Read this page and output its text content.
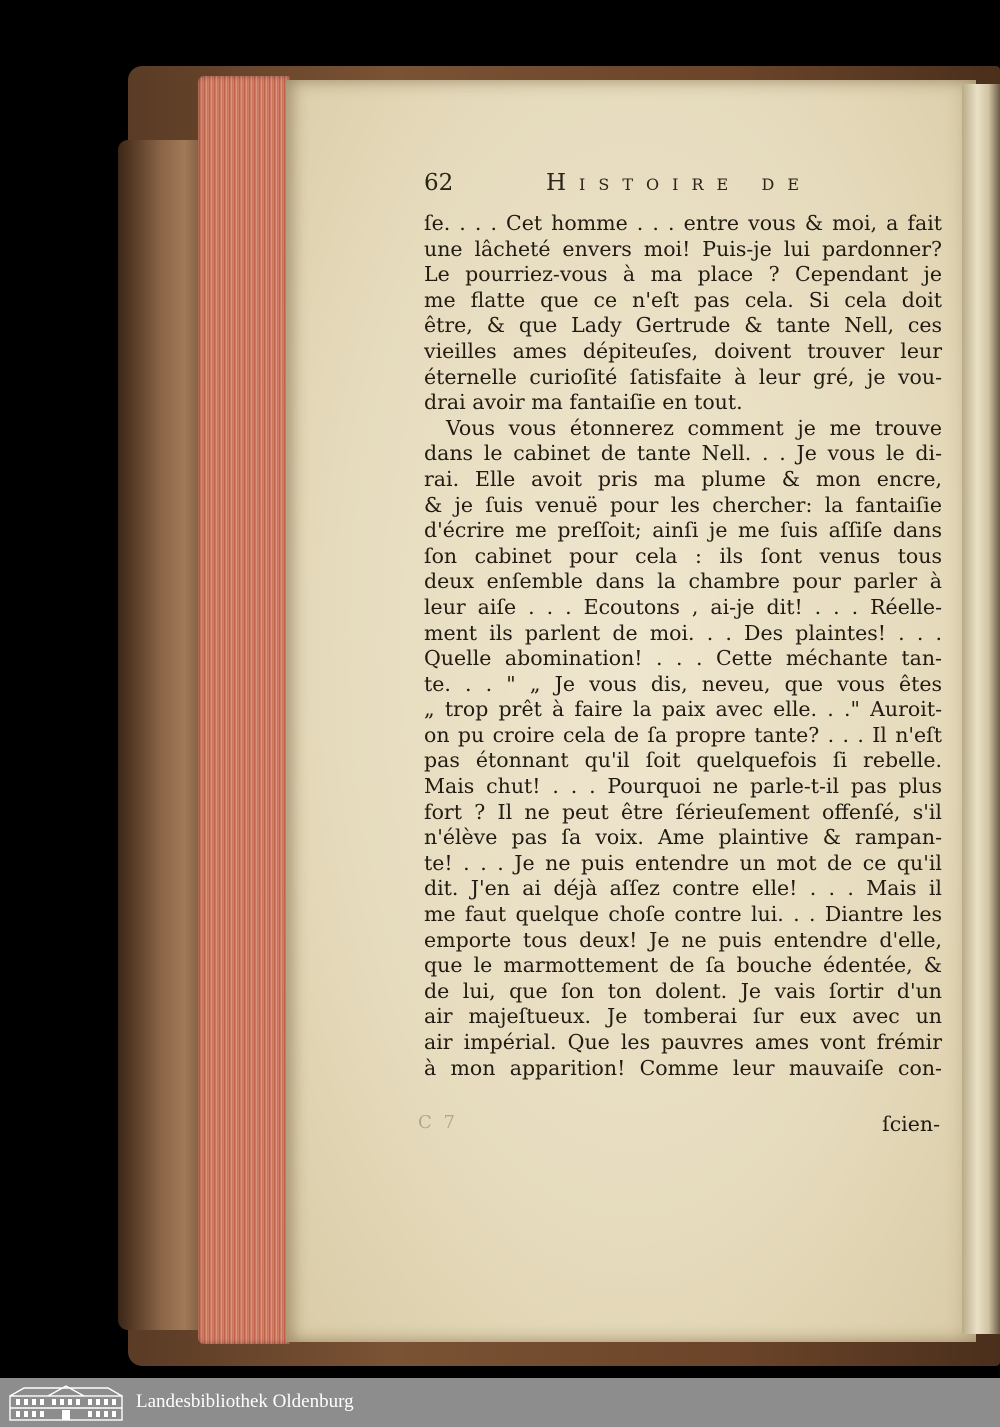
62	Histoire de
ſe. . . . Cet homme . . . entre vous & moi, a fait
une lâcheté envers moi! Puis-je lui pardonner?
Le pourriez-vous à ma place ? Cependant je
me flatte que ce n'eſt pas cela. Si cela doit
être, & que Lady Gertrude & tante Nell, ces
vieilles ames dépiteuſes, doivent trouver leur
éternelle curioſité ſatisfaite à leur gré, je vou-
drai avoir ma fantaiſie en tout.
Vous vous étonnerez comment je me trouve
dans le cabinet de tante Nell. . . Je vous le di-
rai. Elle avoit pris ma plume & mon encre,
& je ſuis venuë pour les chercher: la fantaiſie
d'écrire me preſſoit; ainſi je me ſuis aſſiſe dans
ſon cabinet pour cela : ils ſont venus tous
deux enſemble dans la chambre pour parler à
leur aiſe . . . Ecoutons , ai-je dit! . . . Réelle-
ment ils parlent de moi. . . Des plaintes! . . .
Quelle abomination! . . . Cette méchante tan-
te. . . " „ Je vous dis, neveu, que vous êtes
„ trop prêt à faire la paix avec elle. . ." Auroit-
on pu croire cela de ſa propre tante? . . . Il n'eſt
pas étonnant qu'il ſoit quelquefois ſi rebelle.
Mais chut! . . . Pourquoi ne parle-t-il pas plus
fort ? Il ne peut être ſérieuſement offenſé, s'il
n'élève pas ſa voix. Ame plaintive & rampan-
te! . . . Je ne puis entendre un mot de ce qu'il
dit. J'en ai déjà aſſez contre elle! . . . Mais il
me faut quelque choſe contre lui. . . Diantre les
emporte tous deux! Je ne puis entendre d'elle,
que le marmottement de ſa bouche édentée, &
de lui, que ſon ton dolent. Je vais ſortir d'un
air majeſtueux. Je tomberai ſur eux avec un
air impérial. Que les pauvres ames vont frémir
à mon apparition! Comme leur mauvaiſe con-
C 7	ſcien-
Landesbibliothek Oldenburg
